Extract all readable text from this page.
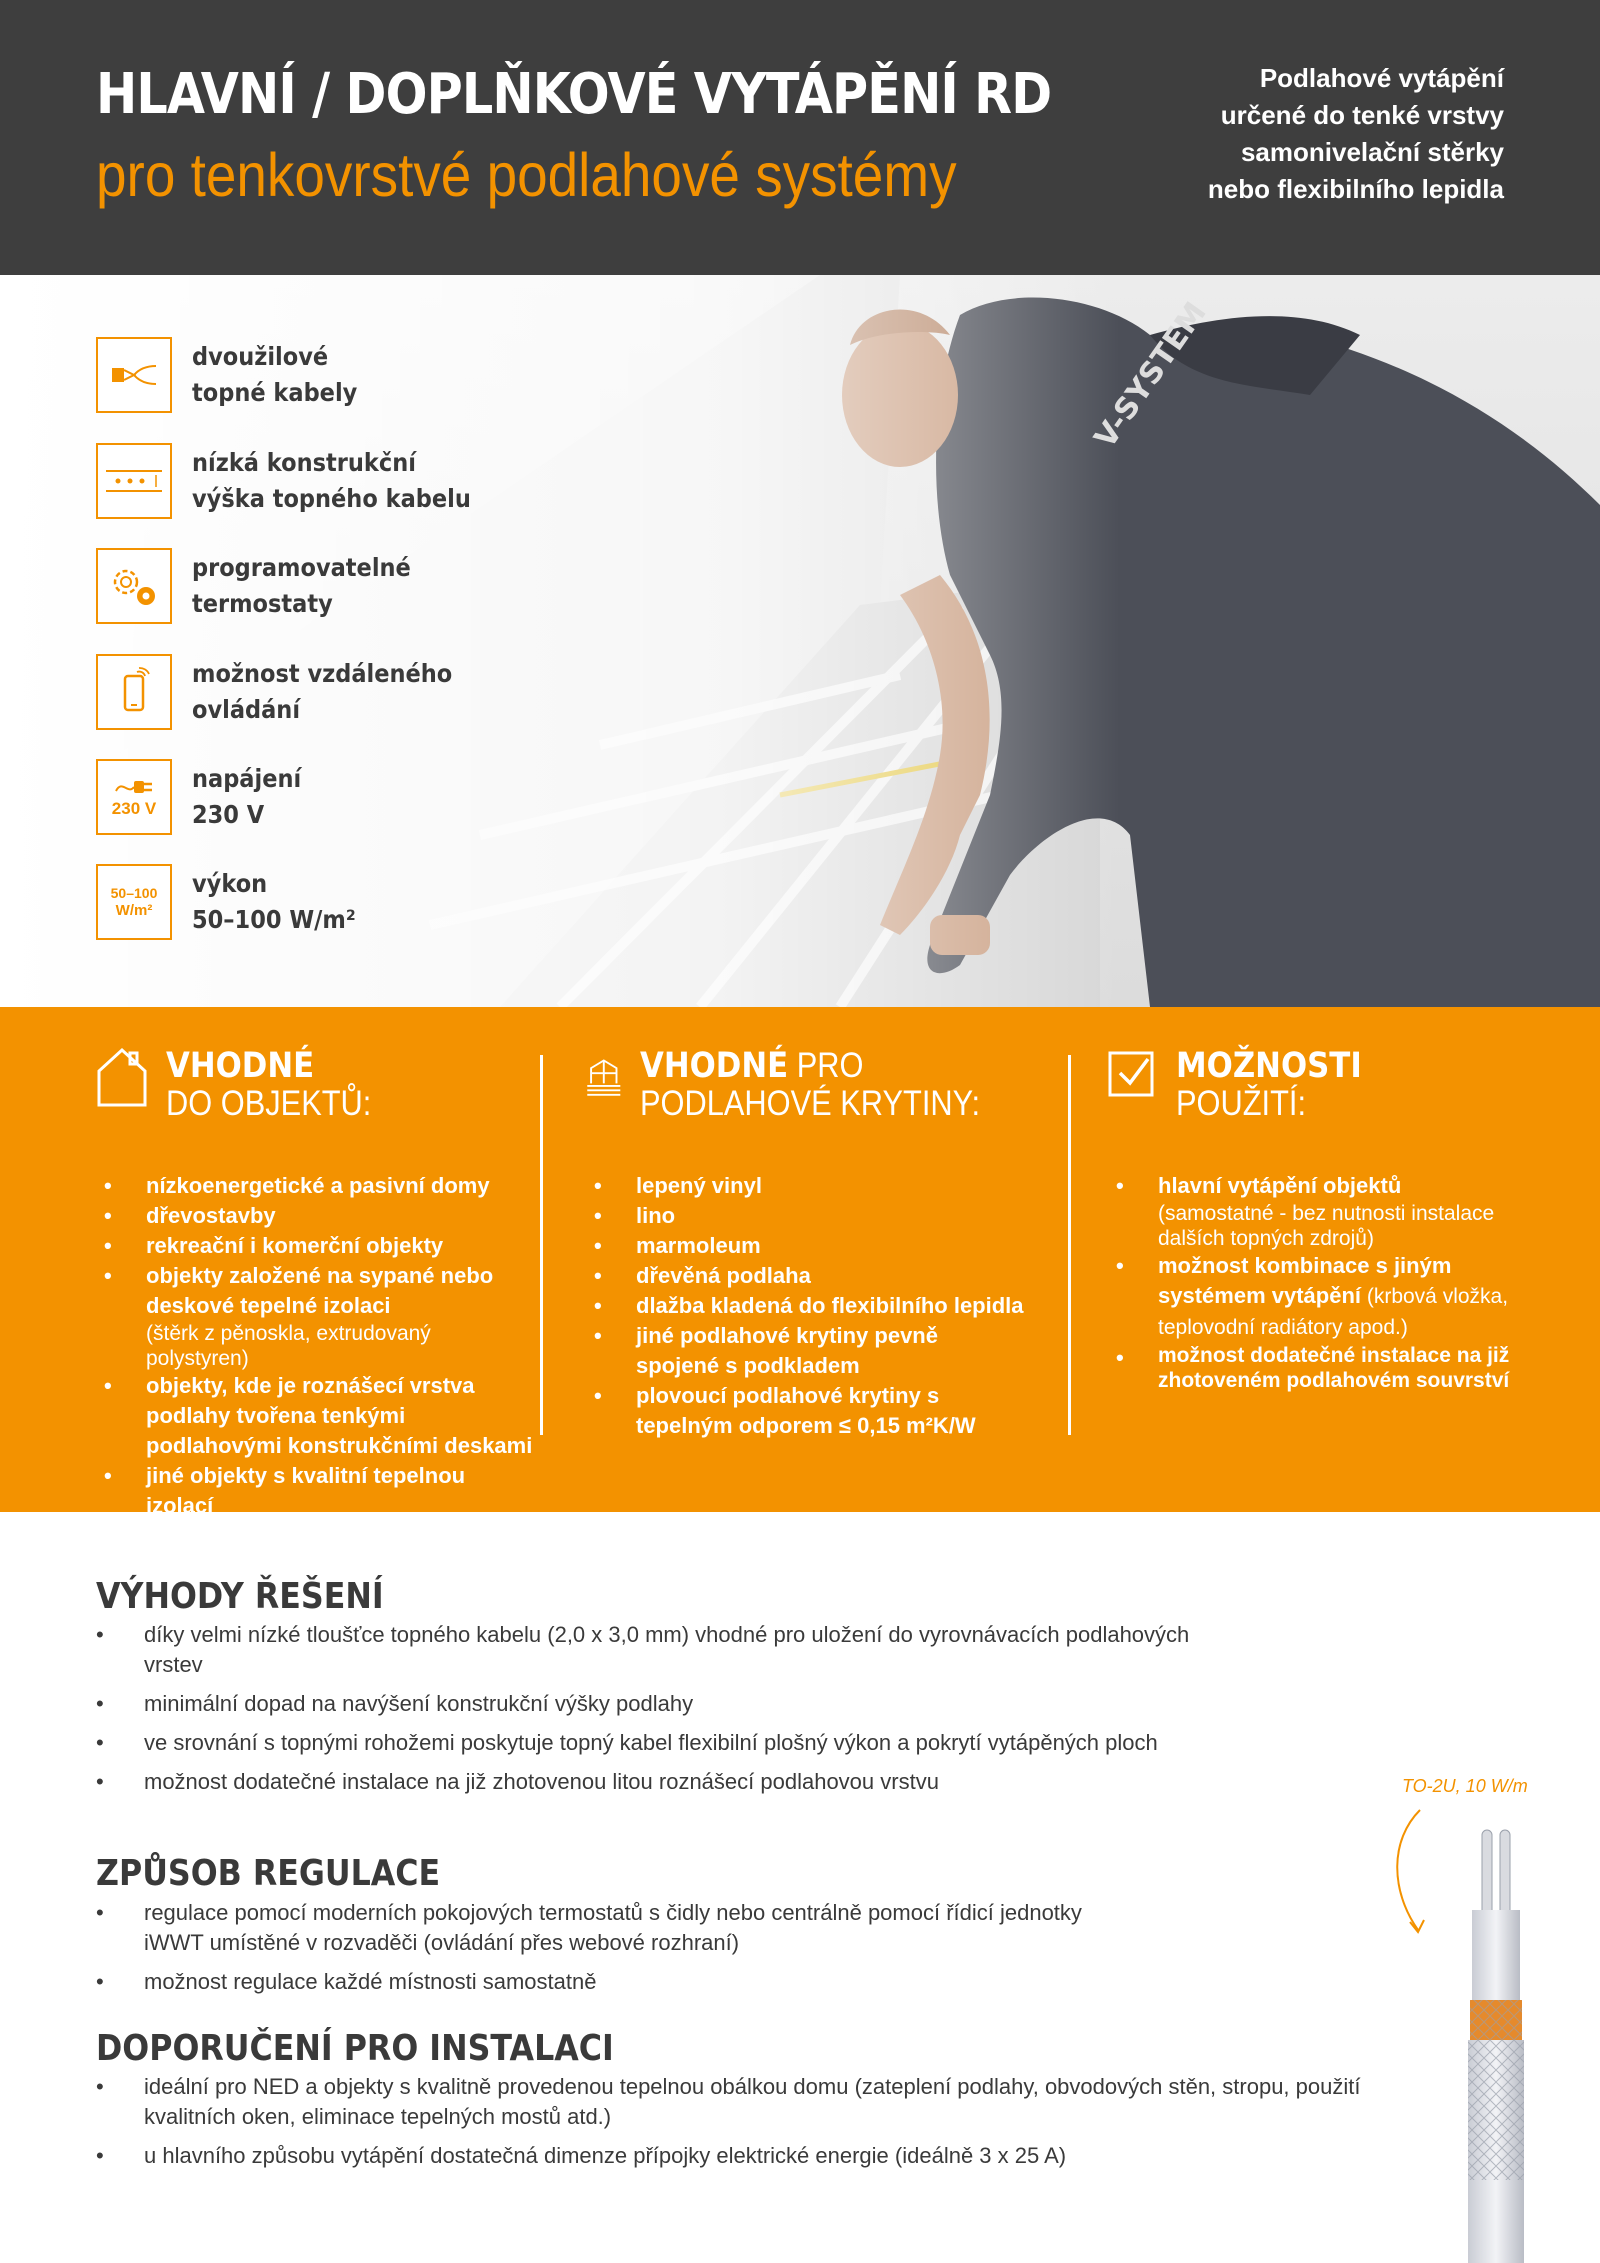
HLAVNÍ / DOPLŇKOVÉ VYTÁPĚNÍ RD
pro tenkovrstvé podlahové systémy
Podlahové vytápění
určené do tenké vrstvy
samonivelační stěrky
nebo flexibilního lepidla
dvoužilové
topné kabely
nízká konstrukční
výška topného kabelu
programovatelné
termostaty
možnost vzdáleného
ovládání
230 V
napájení
230 V
50–100
W/m²
výkon
50–100 W/m²
VHODNÉ
DO OBJEKTŮ:
• nízkoenergetické a pasivní domy
• dřevostavby
• rekreační i komerční objekty
• objekty založené na sypané nebo deskové tepelné izolaci
(štěrk z pěnoskla, extrudovaný polystyren)
• objekty, kde je roznášecí vrstva podlahy tvořena tenkými podlahovými konstrukčními deskami
• jiné objekty s kvalitní tepelnou izolací
VHODNÉ PRO
PODLAHOVÉ KRYTINY:
• lepený vinyl
• lino
• marmoleum
• dřevěná podlaha
• dlažba kladená do flexibilního lepidla
• jiné podlahové krytiny pevně spojené s podkladem
• plovoucí podlahové krytiny s tepelným odporem ≤ 0,15 m²K/W
MOŽNOSTI
POUŽITÍ:
• hlavní vytápění objektů
(samostatné - bez nutnosti instalace dalších topných zdrojů)
• možnost kombinace s jiným systémem vytápění (krbová vložka, teplovodní radiátory apod.)
• možnost dodatečné instalace na již zhotoveném podlahovém souvrství
VÝHODY ŘEŠENÍ
• díky velmi nízké tloušťce topného kabelu (2,0 x 3,0 mm) vhodné pro uložení do vyrovnávacích podlahových vrstev
• minimální dopad na navýšení konstrukční výšky podlahy
• ve srovnání s topnými rohožemi poskytuje topný kabel flexibilní plošný výkon a pokrytí vytápěných ploch
• možnost dodatečné instalace na již zhotovenou litou roznášecí podlahovou vrstvu
ZPŮSOB REGULACE
• regulace pomocí moderních pokojových termostatů s čidly nebo centrálně pomocí řídicí jednotky iWWT umístěné v rozvaděči (ovládání přes webové rozhraní)
• možnost regulace každé místnosti samostatně
DOPORUČENÍ PRO INSTALACI
• ideální pro NED a objekty s kvalitně provedenou tepelnou obálkou domu (zateplení podlahy, obvodových stěn, stropu, použití kvalitních oken, eliminace tepelných mostů atd.)
• u hlavního způsobu vytápění dostatečná dimenze přípojky elektrické energie (ideálně 3 x 25 A)
TO-2U, 10 W/m
